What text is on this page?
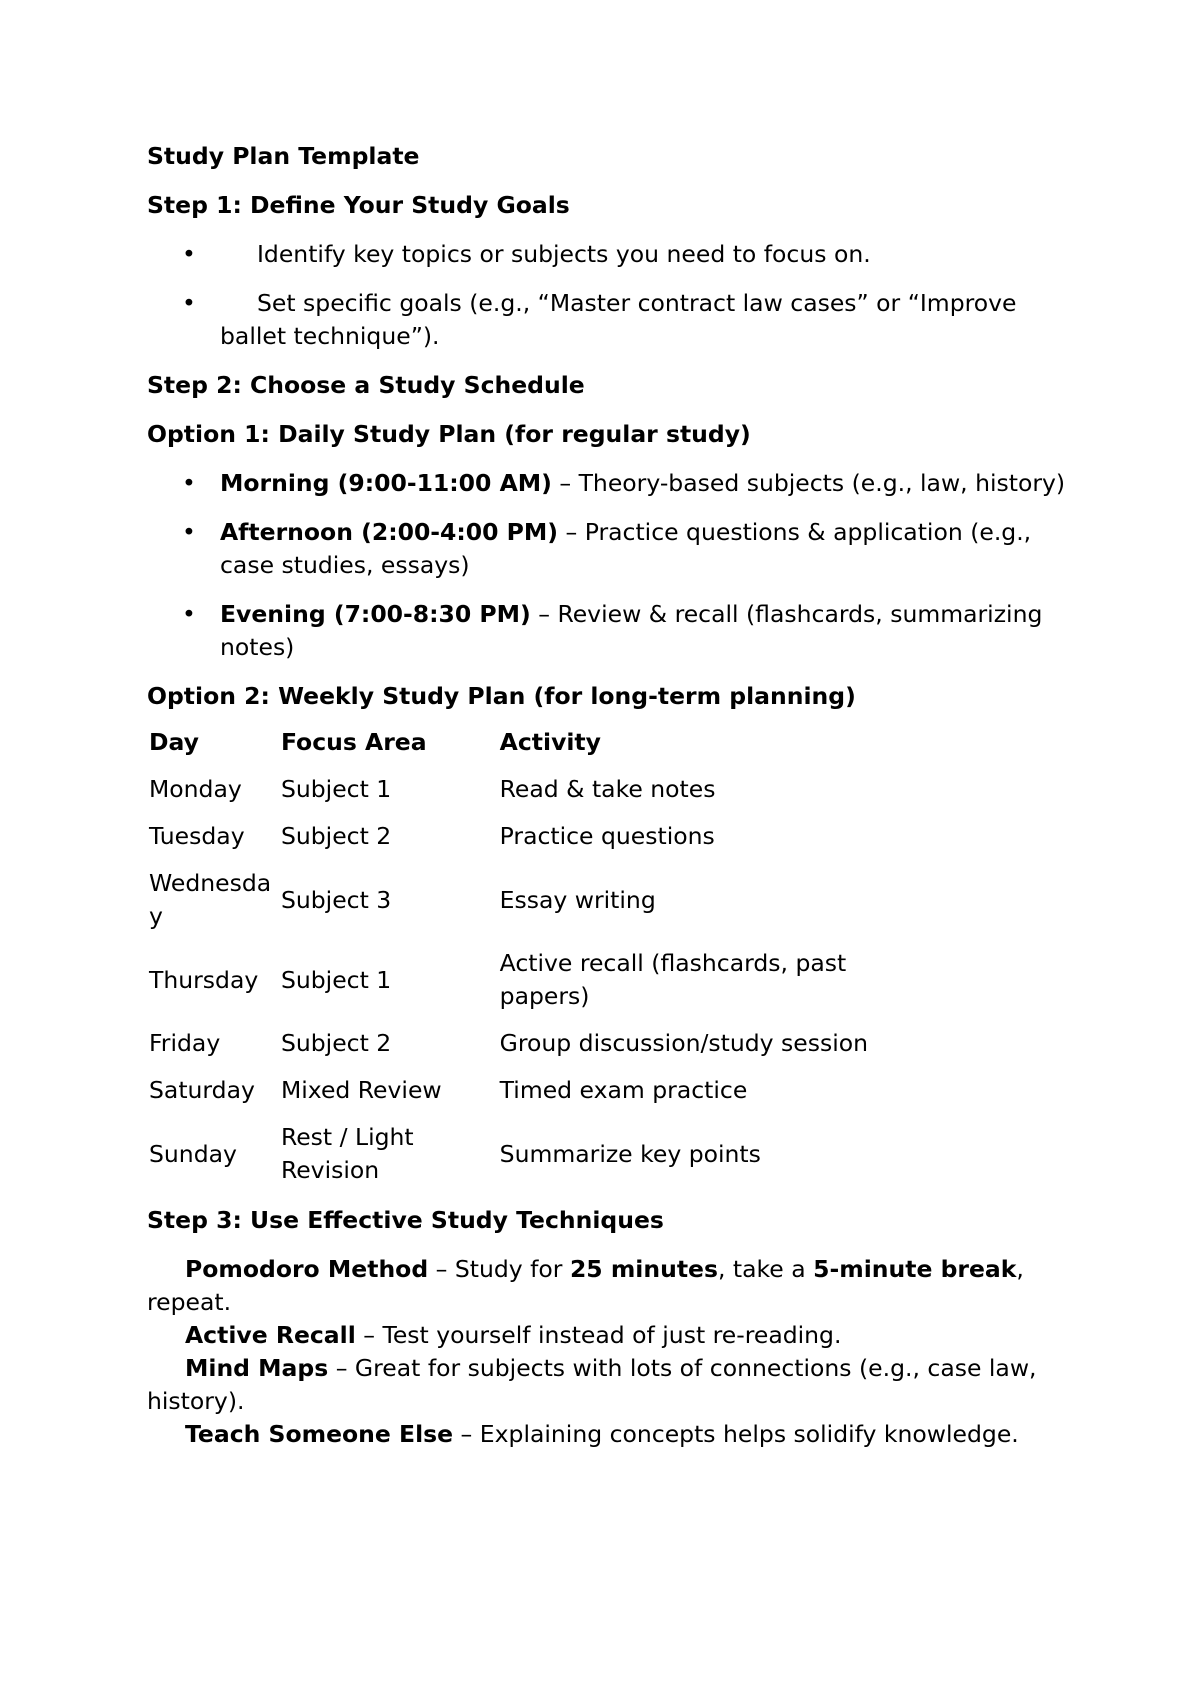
Study Plan Template
Step 1: Define Your Study Goals
•	Identify key topics or subjects you need to focus on.
•	Set specific goals (e.g., “Master contract law cases” or “Improve ballet technique”).
Step 2: Choose a Study Schedule
Option 1: Daily Study Plan (for regular study)
• Morning (9:00-11:00 AM) – Theory-based subjects (e.g., law, history)
• Afternoon (2:00-4:00 PM) – Practice questions & application (e.g., case studies, essays)
• Evening (7:00-8:30 PM) – Review & recall (flashcards, summarizing notes)
Option 2: Weekly Study Plan (for long-term planning)
Day	Focus Area	Activity
Monday	Subject 1	Read & take notes
Tuesday	Subject 2	Practice questions
Wednesday	Subject 3	Essay writing
Thursday	Subject 1	Active recall (flashcards, past papers)
Friday	Subject 2	Group discussion/study session
Saturday	Mixed Review	Timed exam practice
Sunday	Rest / Light Revision	Summarize key points
Step 3: Use Effective Study Techniques

Pomodoro Method – Study for 25 minutes, take a 5-minute break, repeat.

Active Recall – Test yourself instead of just re-reading.

Mind Maps – Great for subjects with lots of connections (e.g., case law, history).

Teach Someone Else – Explaining concepts helps solidify knowledge.
